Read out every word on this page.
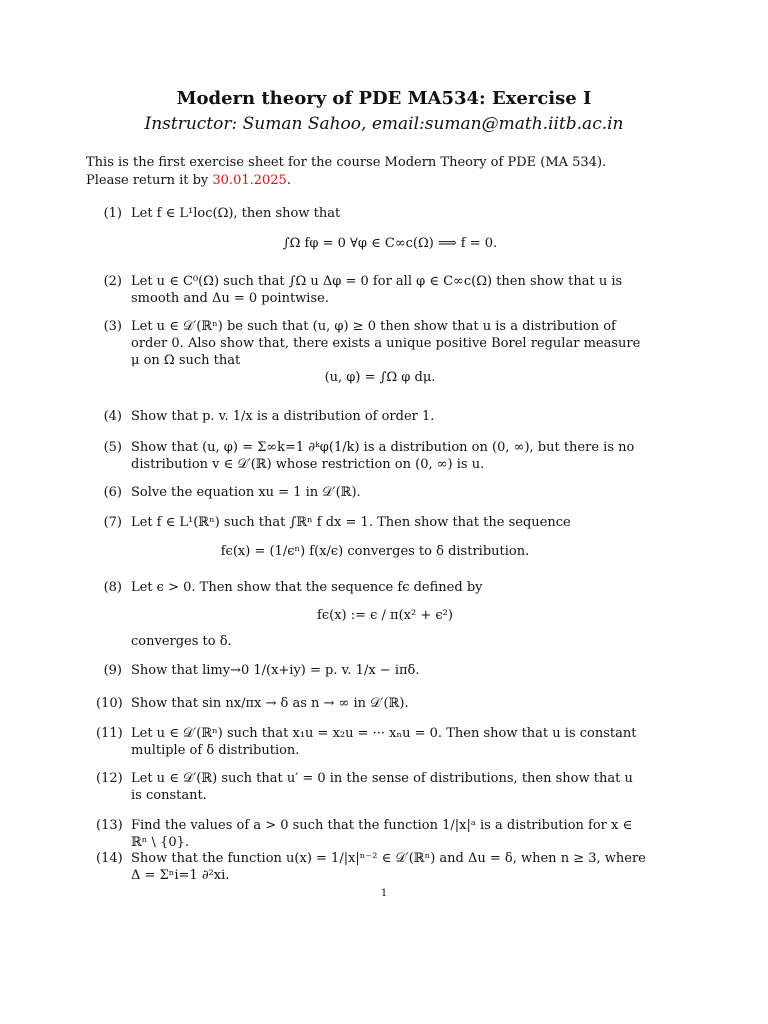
Modern theory of PDE MA534: Exercise I
Instructor: Suman Sahoo, email:suman@math.iitb.ac.in
This is the first exercise sheet for the course Modern Theory of PDE (MA 534). Please return it by 30.01.2025.
(1) Let f ∈ L¹loc(Ω), then show that
∫Ω fφ = 0 ∀φ ∈ C∞c(Ω) ⟹ f = 0.
(2) Let u ∈ C⁰(Ω) such that ∫Ω u Δφ = 0 for all φ ∈ C∞c(Ω) then show that u is smooth and Δu = 0 pointwise.
(3) Let u ∈ 𝒟′(ℝⁿ) be such that (u, φ) ≥ 0 then show that u is a distribution of order 0. Also show that, there exists a unique positive Borel regular measure μ on Ω such that
(u, φ) = ∫Ω φ dμ.
(4) Show that p. v. 1/x is a distribution of order 1.
(5) Show that (u, φ) = Σ∞k=1 ∂ᵏφ(1/k) is a distribution on (0, ∞), but there is no distribution v ∈ 𝒟′(ℝ) whose restriction on (0, ∞) is u.
(6) Solve the equation xu = 1 in 𝒟′(ℝ).
(7) Let f ∈ L¹(ℝⁿ) such that ∫ℝⁿ f dx = 1. Then show that the sequence
fϵ(x) = (1/ϵⁿ) f(x/ϵ) converges to δ distribution.
(8) Let ϵ > 0. Then show that the sequence fϵ defined by
fϵ(x) := ϵ / π(x² + ϵ²)
converges to δ.
(9) Show that limy→0 1/(x+iy) = p. v. 1/x − iπδ.
(10) Show that sin nx/πx → δ as n → ∞ in 𝒟′(ℝ).
(11) Let u ∈ 𝒟′(ℝⁿ) such that x₁u = x₂u = ··· xₙu = 0. Then show that u is constant multiple of δ distribution.
(12) Let u ∈ 𝒟′(ℝ) such that u′ = 0 in the sense of distributions, then show that u is constant.
(13) Find the values of a > 0 such that the function 1/|x|ᵃ is a distribution for x ∈ ℝⁿ \ {0}.
(14) Show that the function u(x) = 1/|x|ⁿ⁻² ∈ 𝒟′(ℝⁿ) and Δu = δ, when n ≥ 3, where Δ = Σⁿi=1 ∂²xi.
1
